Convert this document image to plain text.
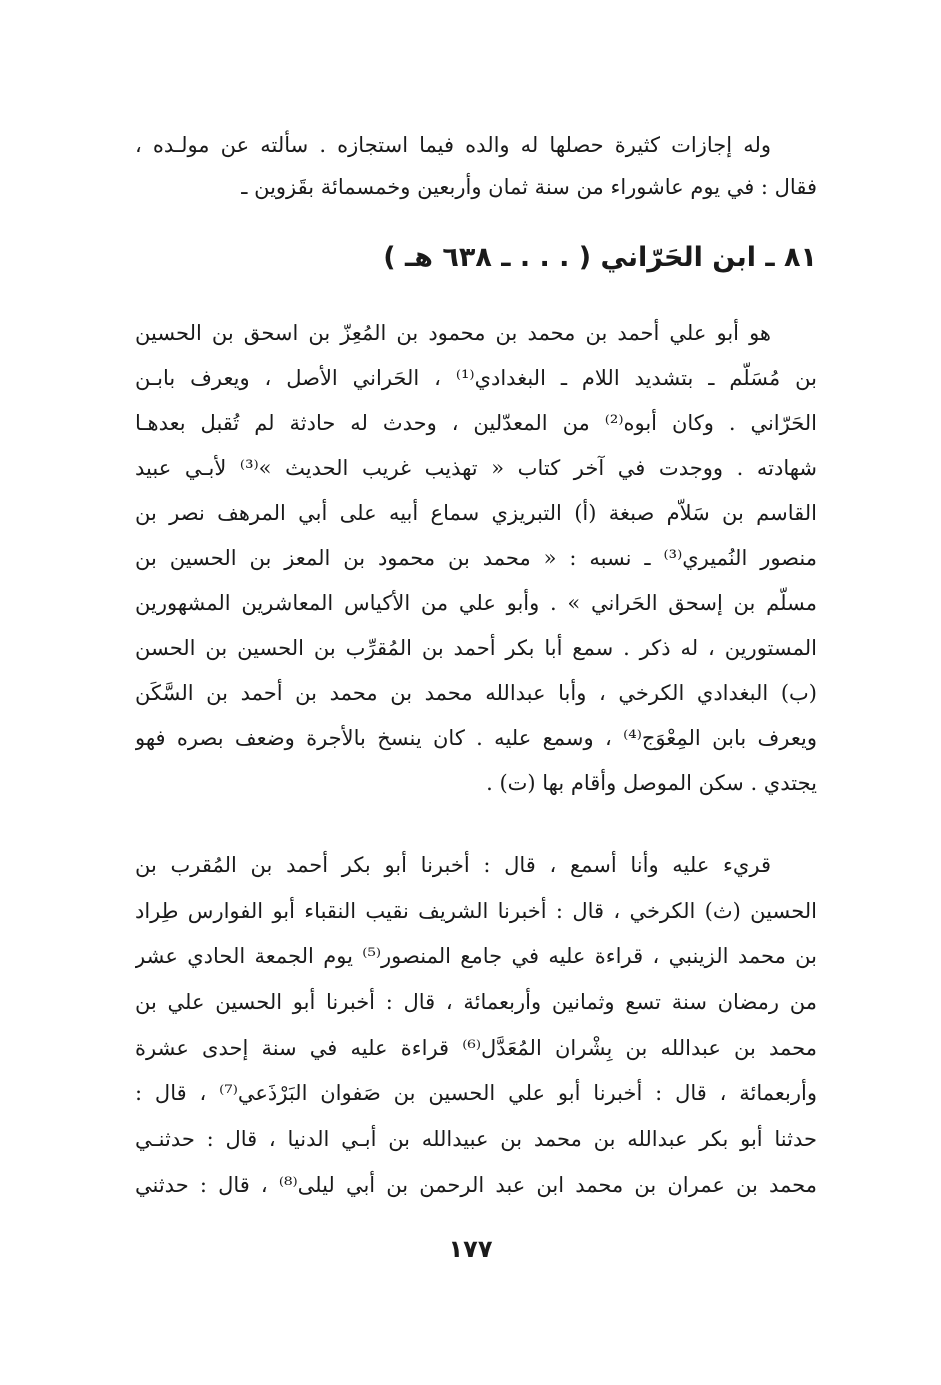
وله إجازات كثيرة حصلها له والده فيما استجازه . سألته عن مولـده ،
فقال : في يوم عاشوراء من سنة ثمان وأربعين وخمسمائة بقَزوين ـ
٨١ ـ ابن الحَرّاني ( . . . ـ ٦٣٨ هـ )
هو أبو علي أحمد بن محمد بن محمود بن المُعِزّ بن اسحق بن الحسين
بن مُسَلّم ـ بتشديد اللام ـ البغدادي⁽¹⁾ ، الحَراني الأصل ، ويعرف بابـن
الحَرّاني . وكان أبوه⁽²⁾ من المعدّلين ، وحدث له حادثة لم تُقبل بعدهـا
شهادته . ووجدت في آخر كتاب « تهذيب غريب الحديث »⁽³⁾ لأبـي عبيد
القاسم بن سَلاّم صبغة (أ) التبريزي سماع أبيه على أبي المرهف نصر بن
منصور النُميري⁽³⁾ ـ نسبه : « محمد بن محمود بن المعز بن الحسين بن
مسلّم بن إسحق الحَراني » . وأبو علي من الأكياس المعاشرين المشهورين
المستورين ، له ذكر . سمع أبا بكر أحمد بن المُقرِّب بن الحسين بن الحسن
(ب) البغدادي الكرخي ، وأبا عبدالله محمد بن محمد بن أحمد بن السَّكَن
ويعرف بابن المِعْوَج⁽⁴⁾ ، وسمع عليه . كان ينسخ بالأجرة وضعف بصره فهو
يجتدي . سكن الموصل وأقام بها (ت) .
قريء عليه وأنا أسمع ، قال : أخبرنا أبو بكر أحمد بن المُقرب بن
الحسين (ث) الكرخي ، قال : أخبرنا الشريف نقيب النقباء أبو الفوارس طِراد
بن محمد الزينبي ، قراءة عليه في جامع المنصور⁽⁵⁾ يوم الجمعة الحادي عشر
من رمضان سنة تسع وثمانين وأربعمائة ، قال : أخبرنا أبو الحسين علي بن
محمد بن عبدالله بن بِشْران المُعَدَّل⁽⁶⁾ قراءة عليه في سنة إحدى عشرة
وأربعمائة ، قال : أخبرنا أبو علي الحسين بن صَفوان البَرْذَعي⁽⁷⁾ ، قال :
حدثنا أبو بكر عبدالله بن محمد بن عبيدالله بن أبـي الدنيا ، قال : حدثنـي
محمد بن عمران بن محمد ابن عبد الرحمن بن أبي ليلى⁽⁸⁾ ، قال : حدثني
١٧٧
